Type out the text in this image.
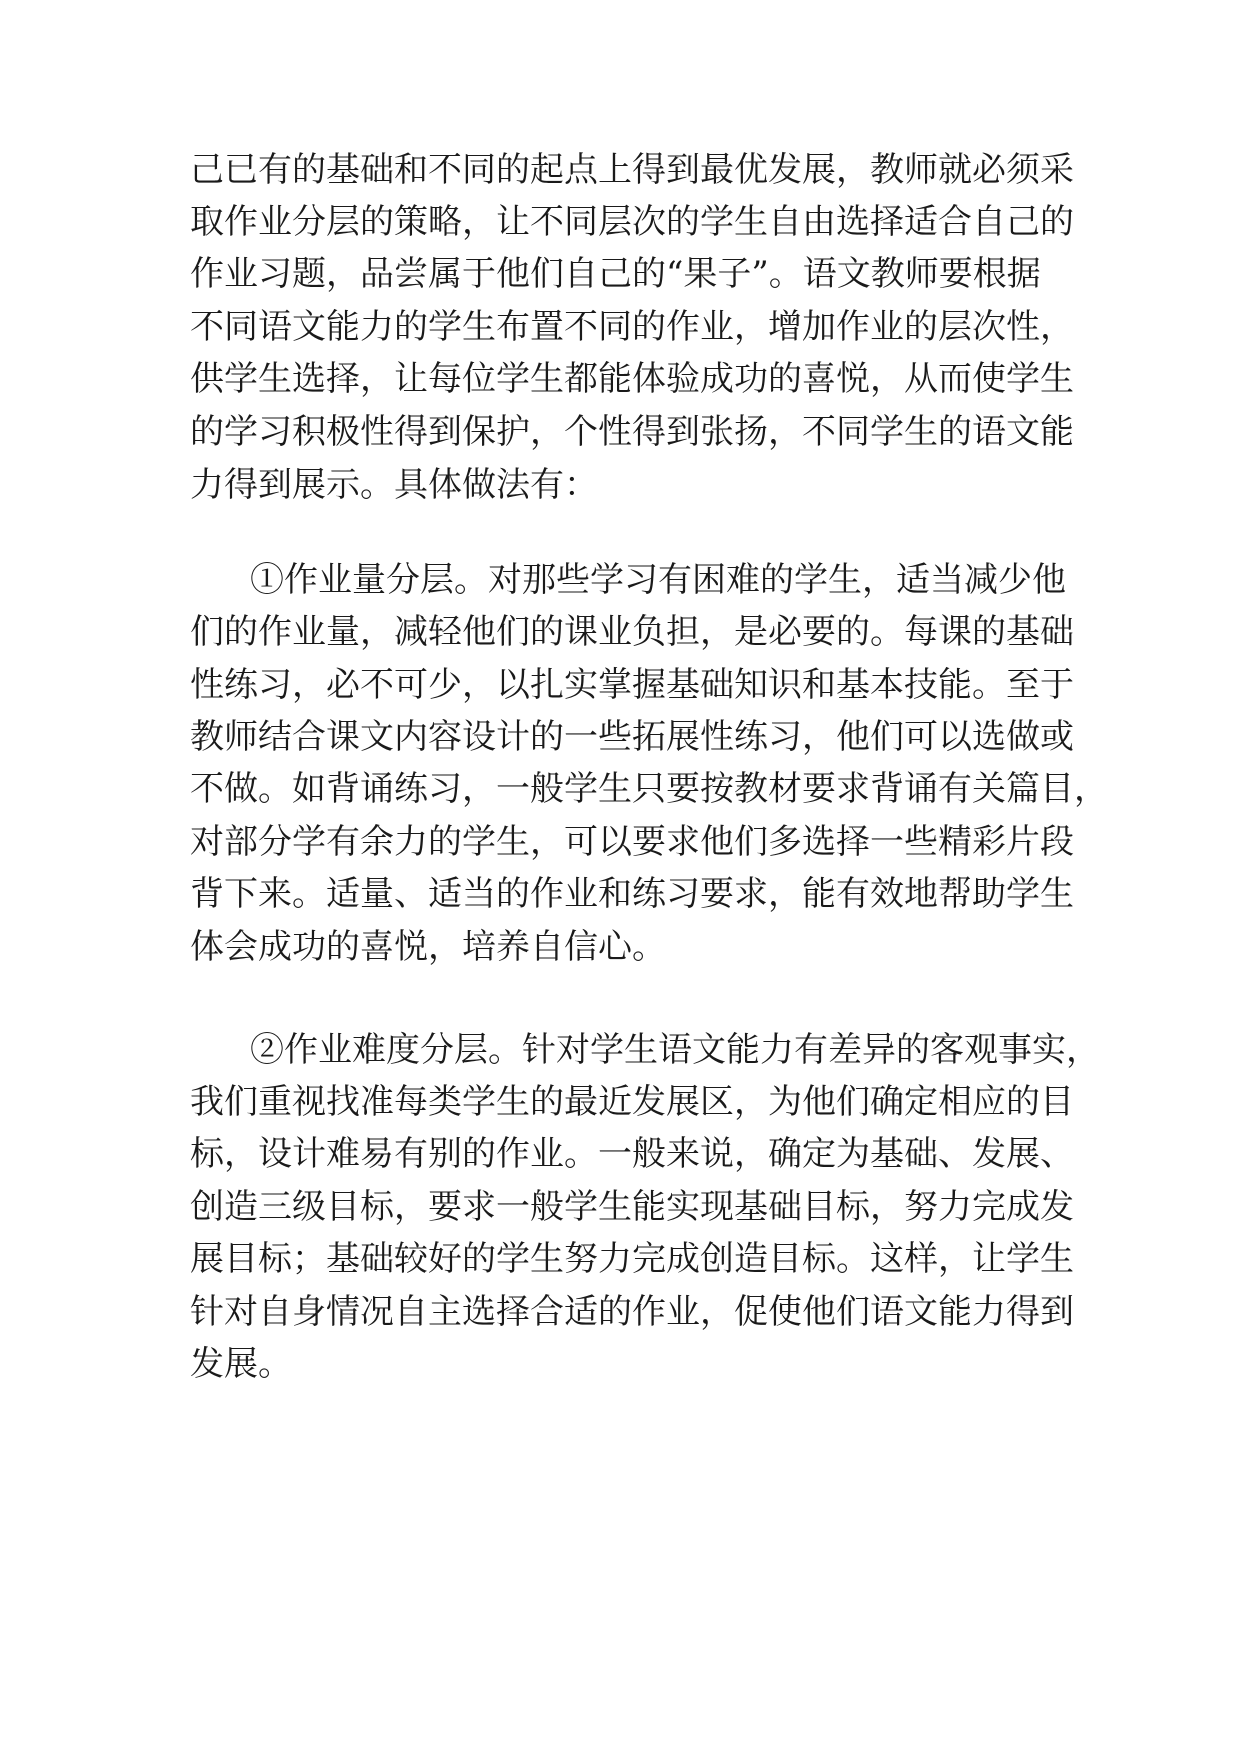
己已有的基础和不同的起点上得到最优发展，教师就必须采
取作业分层的策略，让不同层次的学生自由选择适合自己的
作业习题，品尝属于他们自己的“果子”。语文教师要根据
不同语文能力的学生布置不同的作业，增加作业的层次性，
供学生选择，让每位学生都能体验成功的喜悦，从而使学生
的学习积极性得到保护，个性得到张扬，不同学生的语文能
力得到展示。具体做法有：
①作业量分层。对那些学习有困难的学生，适当减少他
们的作业量，减轻他们的课业负担，是必要的。每课的基础
性练习，必不可少，以扎实掌握基础知识和基本技能。至于
教师结合课文内容设计的一些拓展性练习，他们可以选做或
不做。如背诵练习，一般学生只要按教材要求背诵有关篇目，
对部分学有余力的学生，可以要求他们多选择一些精彩片段
背下来。适量、适当的作业和练习要求，能有效地帮助学生
体会成功的喜悦，培养自信心。
②作业难度分层。针对学生语文能力有差异的客观事实，
我们重视找准每类学生的最近发展区，为他们确定相应的目
标，设计难易有别的作业。一般来说，确定为基础、发展、
创造三级目标，要求一般学生能实现基础目标，努力完成发
展目标；基础较好的学生努力完成创造目标。这样，让学生
针对自身情况自主选择合适的作业，促使他们语文能力得到
发展。
